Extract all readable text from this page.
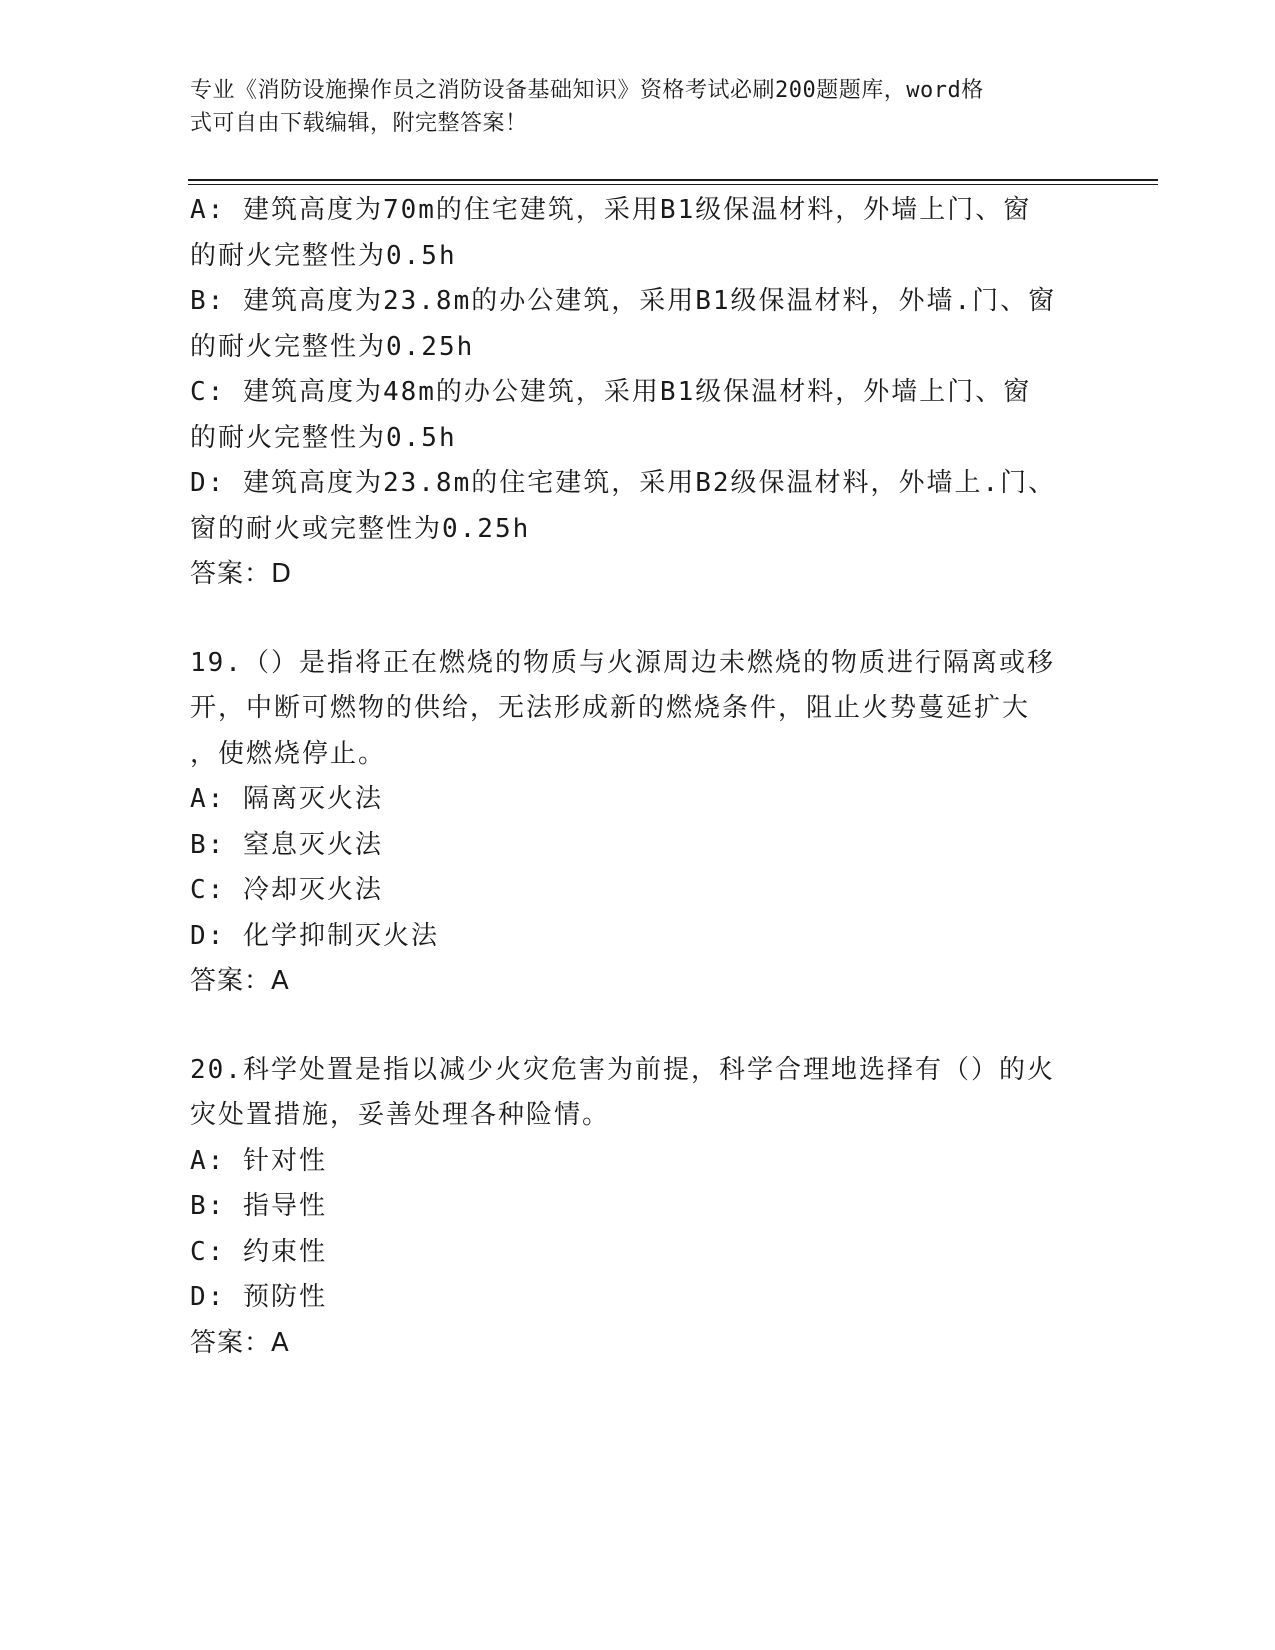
专业《消防设施操作员之消防设备基础知识》资格考试必刷200题题库，word格
式可自由下载编辑，附完整答案！
A: 建筑高度为70m的住宅建筑，采用B1级保温材料，外墙上门、窗
的耐火完整性为0.5h
B: 建筑高度为23.8m的办公建筑，采用B1级保温材料，外墙.门、窗
的耐火完整性为0.25h
C: 建筑高度为48m的办公建筑，采用B1级保温材料，外墙上门、窗
的耐火完整性为0.5h
D: 建筑高度为23.8m的住宅建筑，采用B2级保温材料，外墙上.门、
窗的耐火或完整性为0.25h
答案：D
19.（）是指将正在燃烧的物质与火源周边未燃烧的物质进行隔离或移
开，中断可燃物的供给，无法形成新的燃烧条件，阻止火势蔓延扩大
，使燃烧停止。
A: 隔离灭火法
B: 窒息灭火法
C: 冷却灭火法
D: 化学抑制灭火法
答案：A
20.科学处置是指以减少火灾危害为前提，科学合理地选择有（）的火
灾处置措施，妥善处理各种险情。
A: 针对性
B: 指导性
C: 约束性
D: 预防性
答案：A
